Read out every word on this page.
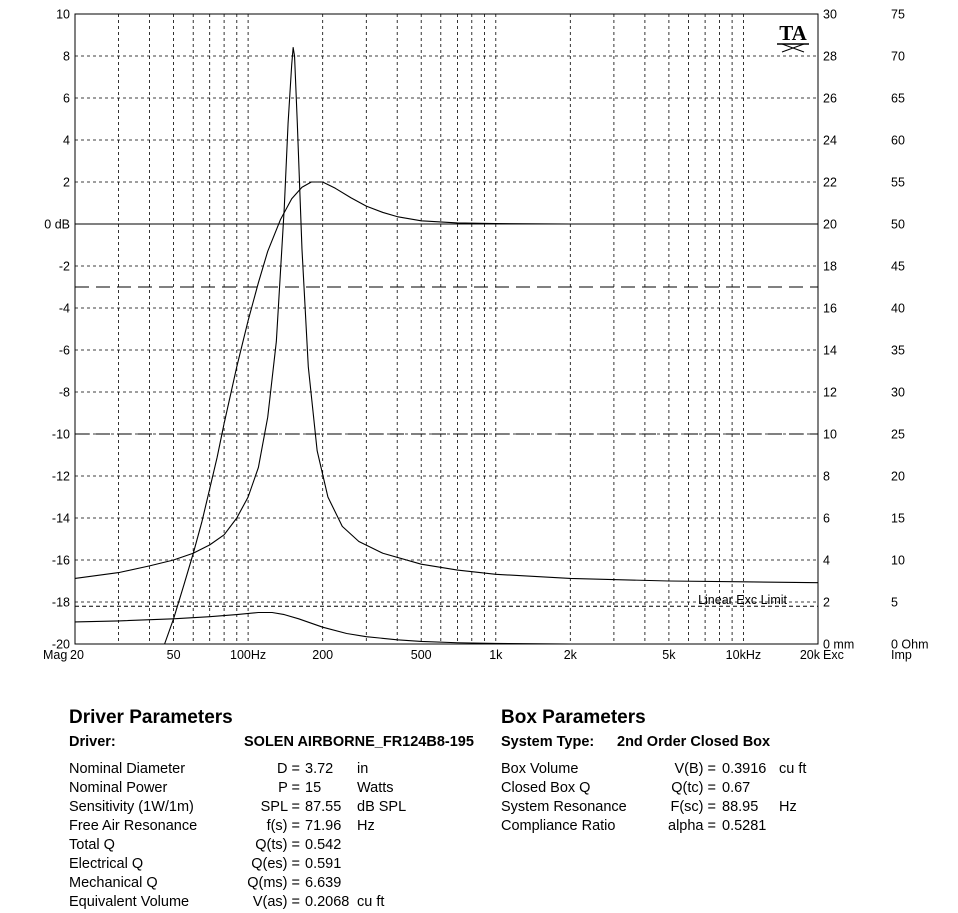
Linear Exc Limit
10
8
6
4
2
0 dB
-2
-4
-6
-8
-10
-12
-14
-16
-18
-20
30
28
26
24
22
20
18
16
14
12
10
8
6
4
2
0 mm
75
70
65
60
55
50
45
40
35
30
25
20
15
10
5
0 Ohm
20	50	100Hz	200	500	1k	2k	5k	10kHz	20k
Mag	Exc	Imp
TA
Driver Parameters	Box Parameters
Driver:	SOLEN AIRBORNE_FR124B8-195	System Type: 2nd Order Closed Box
Nominal Diameter	D = 3.72 in
Nominal Power	P = 15 Watts
Sensitivity (1W/1m)	SPL = 87.55 dB SPL
Free Air Resonance	f(s) = 71.96 Hz
Total Q	Q(ts) = 0.542
Electrical Q	Q(es) = 0.591
Mechanical Q	Q(ms) = 6.639
Equivalent Volume	V(as) = 0.2068 cu ft
Box Volume	V(B) = 0.3916 cu ft
Closed Box Q	Q(tc) = 0.67
System Resonance	F(sc) = 88.95 Hz
Compliance Ratio	alpha = 0.5281
